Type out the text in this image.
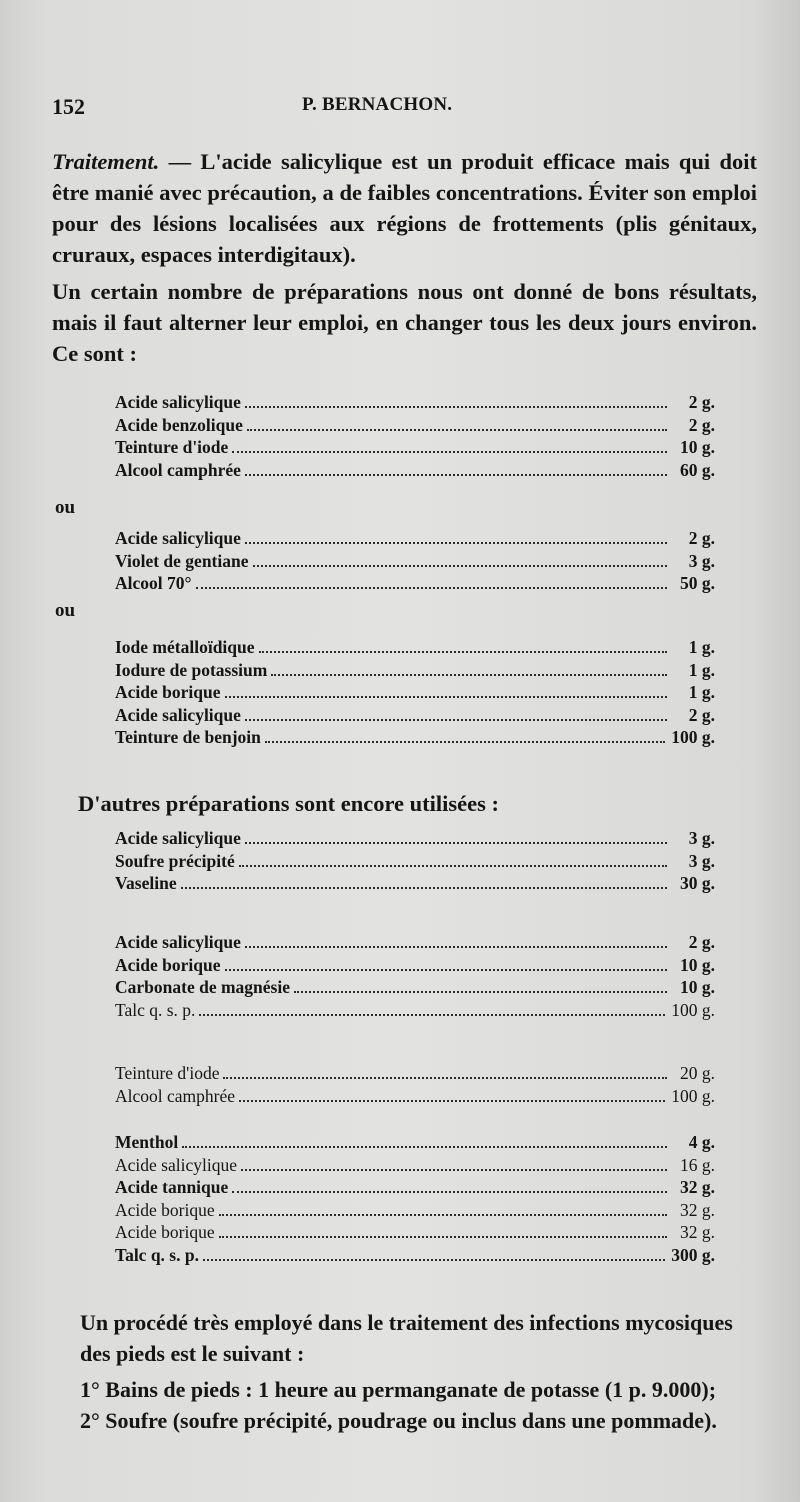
152	P. BERNACHON.
Traitement. — L'acide salicylique est un produit efficace mais qui doit être manié avec précaution, a de faibles concentrations. Éviter son emploi pour des lésions localisées aux régions de frottements (plis génitaux, cruraux, espaces interdigitaux).
Un certain nombre de préparations nous ont donné de bons résultats, mais il faut alterner leur emploi, en changer tous les deux jours environ. Ce sont :
Acide salicylique	2 g.
Acide benzolique	2 g.
Teinture d'iode	10 g.
Alcool camphrée	60 g.
ou
Acide salicylique	2 g.
Violet de gentiane	3 g.
Alcool 70°	50 g.
ou
Iode métalloïdique	1 g.
Iodure de potassium	1 g.
Acide borique	1 g.
Acide salicylique	2 g.
Teinture de benjoin	100 g.
D'autres préparations sont encore utilisées :
Acide salicylique	3 g.
Soufre précipité	3 g.
Vaseline	30 g.
Acide salicylique	2 g.
Acide borique	10 g.
Carbonate de magnésie	10 g.
Talc q. s. p.	100 g.
Teinture d'iode	20 g.
Alcool camphrée	100 g.
Menthol	4 g.
Acide salicylique	16 g.
Acide tannique	32 g.
Acide borique	32 g.
Acide borique	32 g.
Talc q. s. p.	300 g.
Un procédé très employé dans le traitement des infections mycosiques des pieds est le suivant :
1° Bains de pieds : 1 heure au permanganate de potasse (1 p. 9.000);
2° Soufre (soufre précipité, poudrage ou inclus dans une pommade).
